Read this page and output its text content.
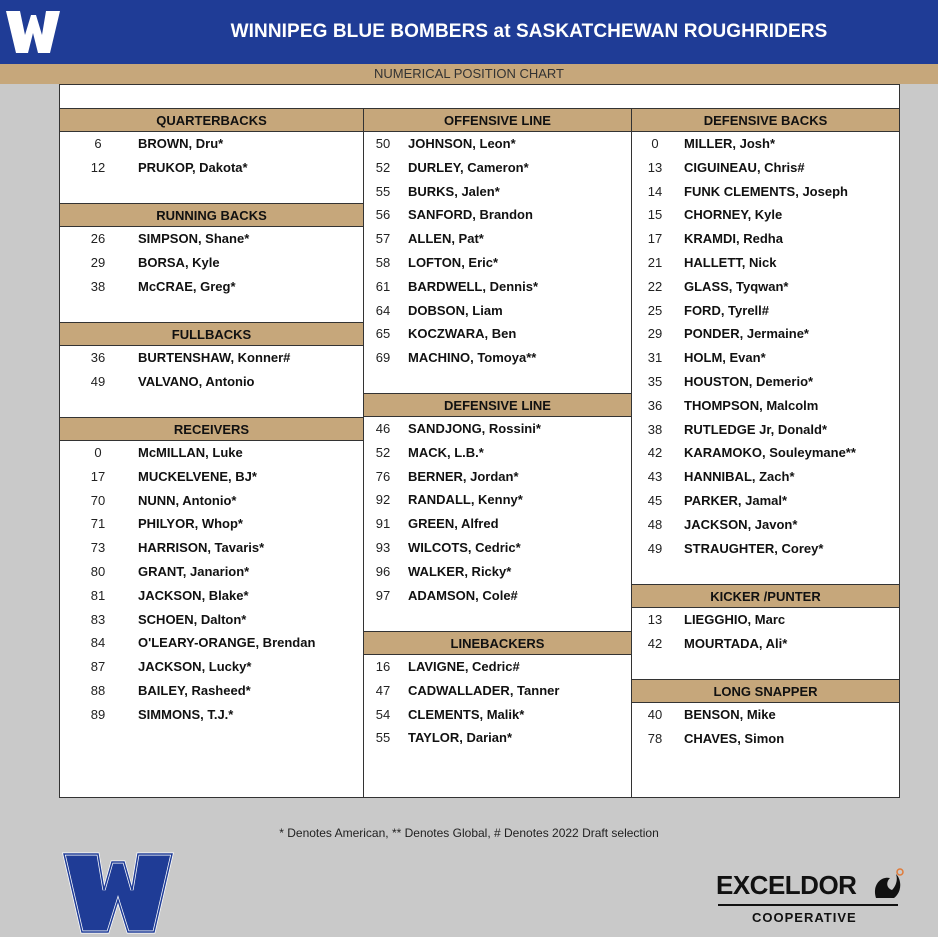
WINNIPEG BLUE BOMBERS at SASKATCHEWAN ROUGHRIDERS
NUMERICAL POSITION CHART
QUARTERBACKS
6	BROWN, Dru*
12	PRUKOP, Dakota*
RUNNING BACKS
26	SIMPSON, Shane*
29	BORSA, Kyle
38	McCRAE, Greg*
FULLBACKS
36	BURTENSHAW, Konner#
49	VALVANO, Antonio
RECEIVERS
0	McMILLAN, Luke
17	MUCKELVENE, BJ*
70	NUNN, Antonio*
71	PHILYOR, Whop*
73	HARRISON, Tavaris*
80	GRANT, Janarion*
81	JACKSON, Blake*
83	SCHOEN, Dalton*
84	O'LEARY-ORANGE, Brendan
87	JACKSON, Lucky*
88	BAILEY, Rasheed*
89	SIMMONS, T.J.*
OFFENSIVE LINE
50 JOHNSON, Leon*
52 DURLEY, Cameron*
55 BURKS, Jalen*
56 SANFORD, Brandon
57 ALLEN, Pat*
58 LOFTON, Eric*
61 BARDWELL, Dennis*
64 DOBSON, Liam
65 KOCZWARA, Ben
69 MACHINO, Tomoya**
DEFENSIVE LINE
46 SANDJONG, Rossini*
52 MACK, L.B.*
76 BERNER, Jordan*
92 RANDALL, Kenny*
91 GREEN, Alfred
93 WILCOTS, Cedric*
96 WALKER, Ricky*
97 ADAMSON, Cole#
LINEBACKERS
16 LAVIGNE, Cedric#
47 CADWALLADER, Tanner
54 CLEMENTS, Malik*
55 TAYLOR, Darian*
DEFENSIVE BACKS
0 MILLER, Josh*
13 CIGUINEAU, Chris#
14 FUNK CLEMENTS, Joseph
15 CHORNEY, Kyle
17 KRAMDI, Redha
21 HALLETT, Nick
22 GLASS, Tyqwan*
25 FORD, Tyrell#
29 PONDER, Jermaine*
31 HOLM, Evan*
35 HOUSTON, Demerio*
36 THOMPSON, Malcolm
38 RUTLEDGE Jr, Donald*
42 KARAMOKO, Souleymane**
43 HANNIBAL, Zach*
45 PARKER, Jamal*
48 JACKSON, Javon*
49 STRAUGHTER, Corey*
KICKER /PUNTER
13 LIEGGHIO, Marc
42 MOURTADA, Ali*
LONG SNAPPER
40 BENSON, Mike
78 CHAVES, Simon
* Denotes American, ** Denotes Global, # Denotes 2022 Draft selection
EXCELDOR
COOPERATIVE
